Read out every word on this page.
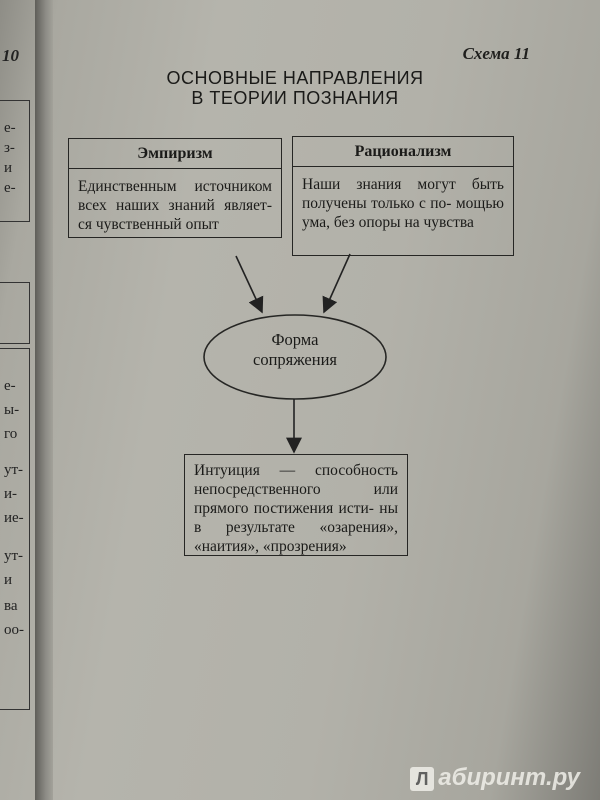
10
е-
з-
и
е-
е-
ы-
го
ут-
и-
ие-
ут-
и
ва
оо-
Схема 11
ОСНОВНЫЕ НАПРАВЛЕНИЯ
В ТЕОРИИ ПОЗНАНИЯ
Эмпиризм
Единственным источником всех наших знаний являет- ся чувственный опыт
Рационализм
Наши знания могут быть получены только с по- мощью ума, без опоры на чувства
Форма
сопряжения
Интуиция — способность непосредственного или прямого постижения исти- ны в результате «озарения», «наития», «прозрения»
Л абиринт.ру
